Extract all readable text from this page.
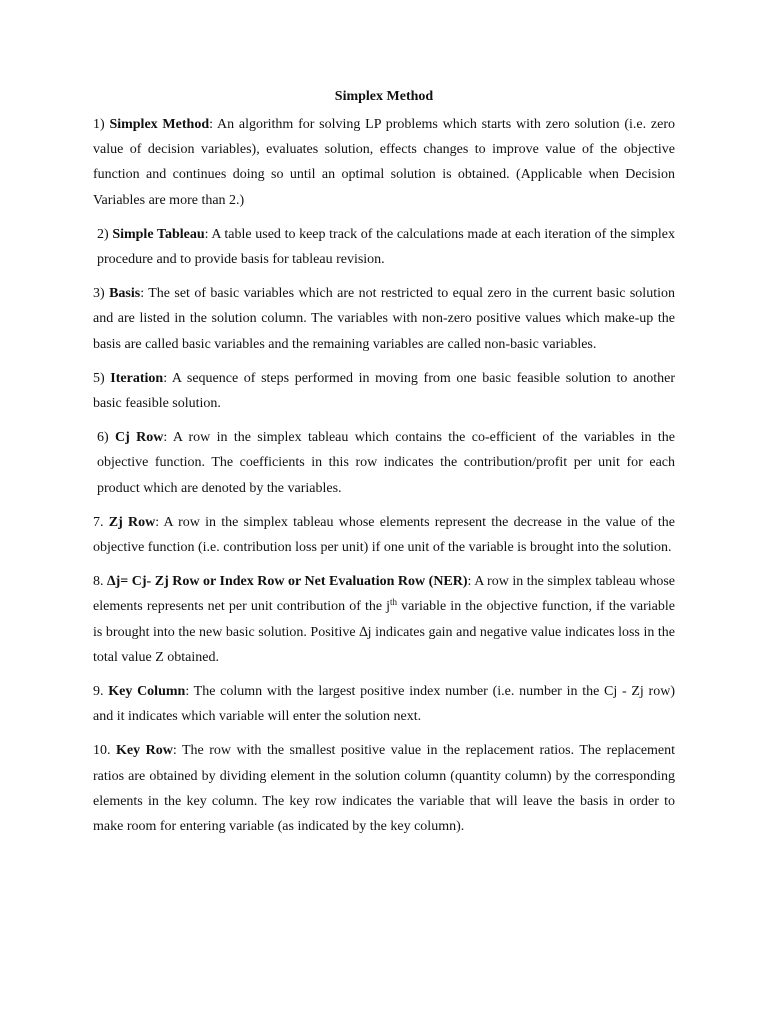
Simplex Method

1) Simplex Method: An algorithm for solving LP problems which starts with zero solution (i.e. zero value of decision variables), evaluates solution, effects changes to improve value of the objective function and continues doing so until an optimal solution is obtained. (Applicable when Decision Variables are more than 2.)

2) Simple Tableau: A table used to keep track of the calculations made at each iteration of the simplex procedure and to provide basis for tableau revision.

3) Basis: The set of basic variables which are not restricted to equal zero in the current basic solution and are listed in the solution column. The variables with non-zero positive values which make-up the basis are called basic variables and the remaining variables are called non-basic variables.

5) Iteration: A sequence of steps performed in moving from one basic feasible solution to another basic feasible solution.

6) Cj Row: A row in the simplex tableau which contains the co-efficient of the variables in the objective function. The coefficients in this row indicates the contribution/profit per unit for each product which are denoted by the variables.

7. Zj Row: A row in the simplex tableau whose elements represent the decrease in the value of the objective function (i.e. contribution loss per unit) if one unit of the variable is brought into the solution.

8. ∆j= Cj- Zj Row or Index Row or Net Evaluation Row (NER): A row in the simplex tableau whose elements represents net per unit contribution of the $j^{th}$ variable in the objective function, if the variable is brought into the new basic solution. Positive ∆j indicates gain and negative value indicates loss in the total value Z obtained.

9. Key Column: The column with the largest positive index number (i.e. number in the Cj - Zj row) and it indicates which variable will enter the solution next.

10. Key Row: The row with the smallest positive value in the replacement ratios. The replacement ratios are obtained by dividing element in the solution column (quantity column) by the corresponding elements in the key column. The key row indicates the variable that will leave the basis in order to make room for entering variable (as indicated by the key column).
